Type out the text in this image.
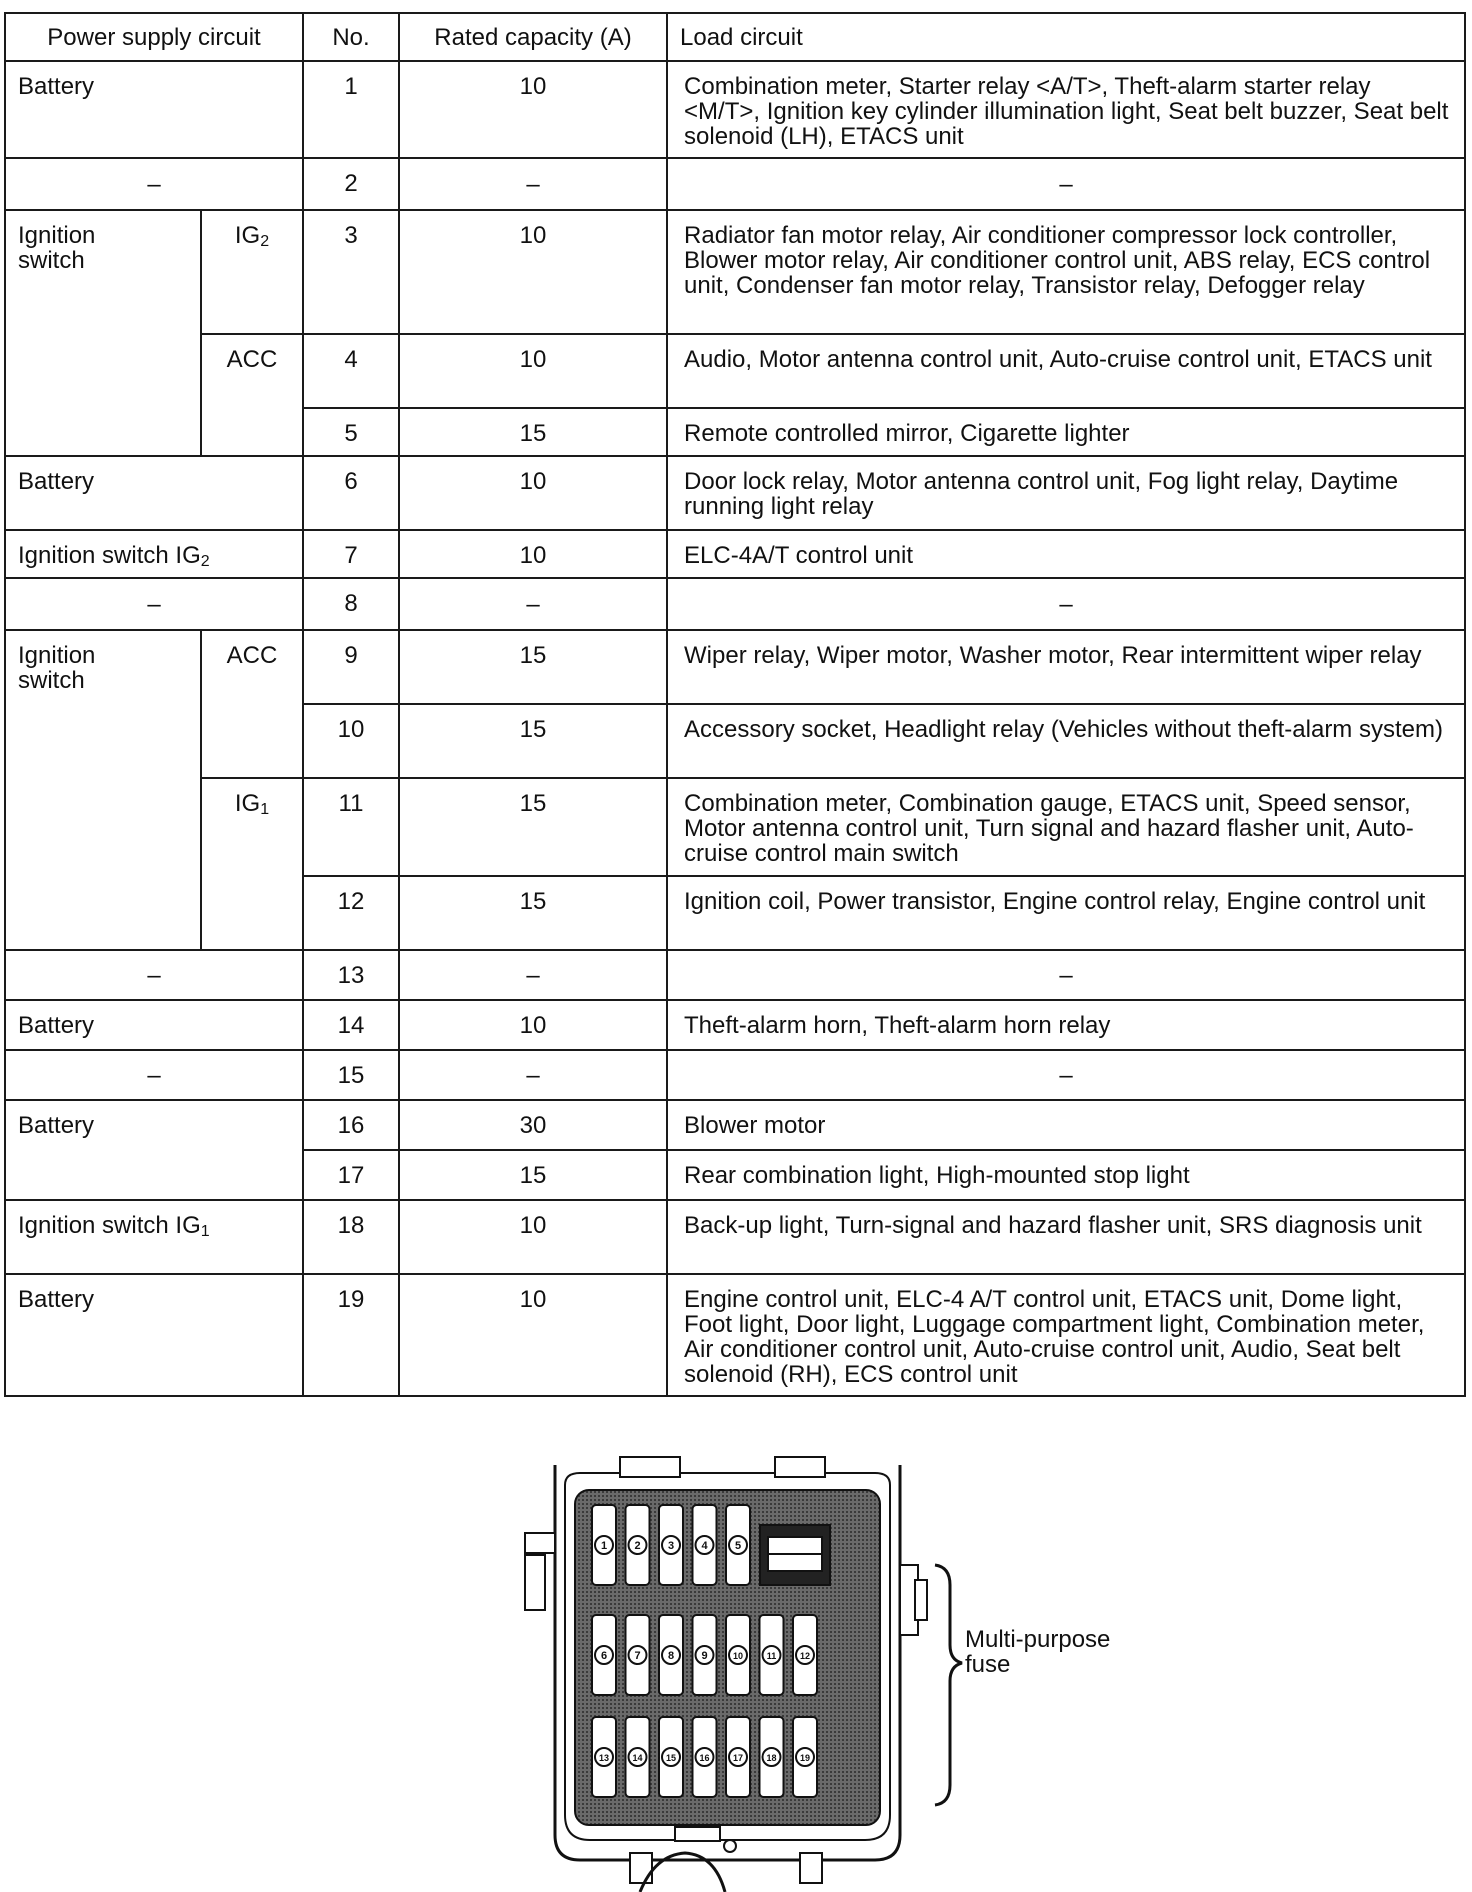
Power supply circuit		No.	Rated capacity (A)	Load circuit
Battery		1	10	Combination meter, Starter relay <A/T>, Theft-alarm starter relay <M/T>, Ignition key cylinder illumination light, Seat belt buzzer, Seat belt solenoid (LH), ETACS unit
–		2	–	–

Ignition switch	$IG_2$	3	10	Radiator fan motor relay, Air conditioner compressor lock controller, Blower motor relay, Air conditioner control unit, ABS relay, ECS control unit, Condenser fan motor relay, Transistor relay, Defogger relay
	ACC	4	10	Audio, Motor antenna control unit, Auto-cruise control unit, ETACS unit
		5	15	Remote controlled mirror, Cigarette lighter
Battery		6	10	Door lock relay, Motor antenna control unit, Fog light relay, Daytime running light relay
Ignition switch $IG_2$		7	10	ELC-4A/T control unit
–		8	–	–

Ignition switch	ACC	9	15	Wiper relay, Wiper motor, Washer motor, Rear intermittent wiper relay
		10	15	Accessory socket, Headlight relay (Vehicles without theft-alarm system)
	$IG_1$	11	15	Combination meter, Combination gauge, ETACS unit, Speed sensor, Motor antenna control unit, Turn signal and hazard flasher unit, Auto-cruise control main switch
		12	15	Ignition coil, Power transistor, Engine control relay, Engine control unit
–		13	–	–
Battery		14	10	Theft-alarm horn, Theft-alarm horn relay
–		15	–	–
Battery		16	30	Blower motor
		17	15	Rear combination light, High-mounted stop light
Ignition switch $IG_1$		18	10	Back-up light, Turn-signal and hazard flasher unit, SRS diagnosis unit
Battery		19	10	Engine control unit, ELC-4 A/T control unit, ETACS unit, Dome light, Foot light, Door light, Luggage compartment light, Combination meter, Air conditioner control unit, Auto-cruise control unit, Audio, Seat belt solenoid (RH), ECS control unit
1 2 3 4 5
6 7 8 9	10	11	12
13	14	15	16	17	18	19
Multi-purpose
fuse
